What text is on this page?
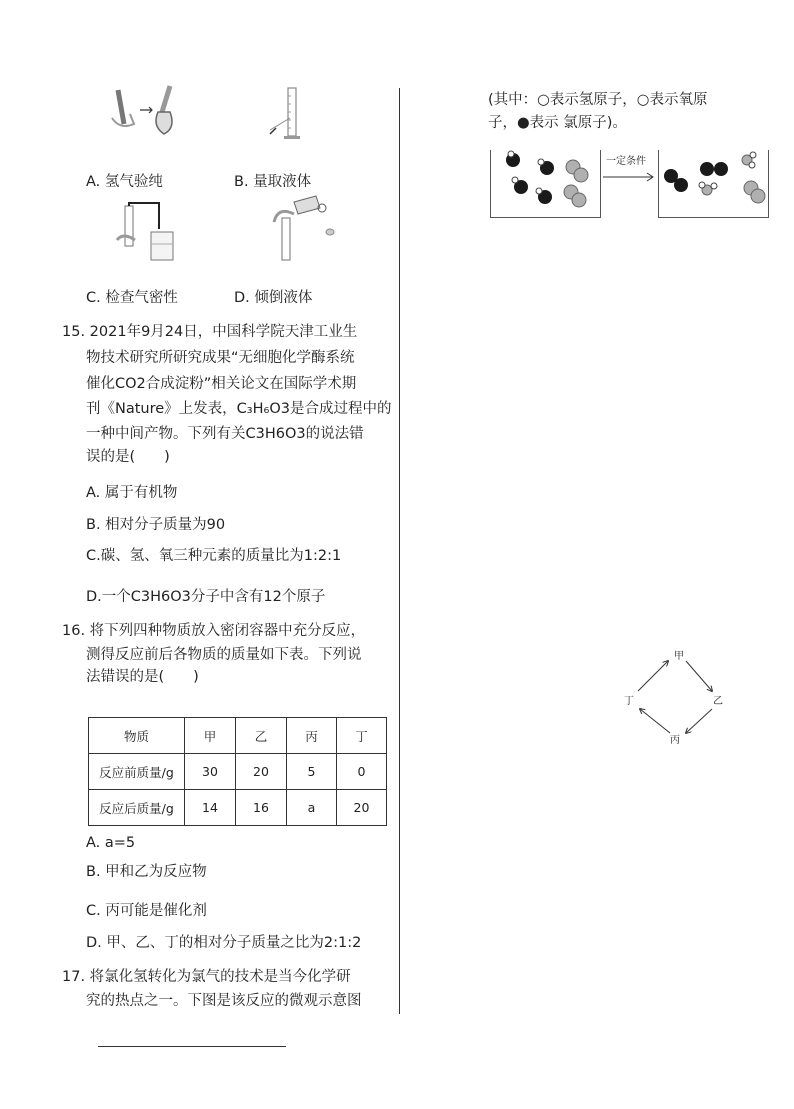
A. 氢气验纯	B. 量取液体
C. 检查气密性	D. 倾倒液体
15. 2021年9月24日，中国科学院天津工业生
物技术研究所研究成果“无细胞化学酶系统
催化CO2合成淀粉”相关论文在国际学术期
刊《Nature》上发表，C₃H₆O3是合成过程中的
一种中间产物。下列有关C3H6O3的说法错
误的是(　　)
A. 属于有机物
B. 相对分子质量为90
C.碳、氢、氧三种元素的质量比为1:2:1
D.一个C3H6O3分子中含有12个原子
16. 将下列四种物质放入密闭容器中充分反应，
测得反应前后各物质的质量如下表。下列说
法错误的是(　　)
物质	甲	乙	丙	丁
反应前质量/g	30	20	5	0
反应后质量/g	14	16	a	20
A. a=5
B. 甲和乙为反应物
C. 丙可能是催化剂
D. 甲、乙、丁的相对分子质量之比为2:1:2
17. 将氯化氢转化为氯气的技术是当今化学研
究的热点之一。下图是该反应的微观示意图
(其中：○表示氢原子，○表示氧原
子，●表示 氯原子)。
一定条件
甲
乙
丙
丁
